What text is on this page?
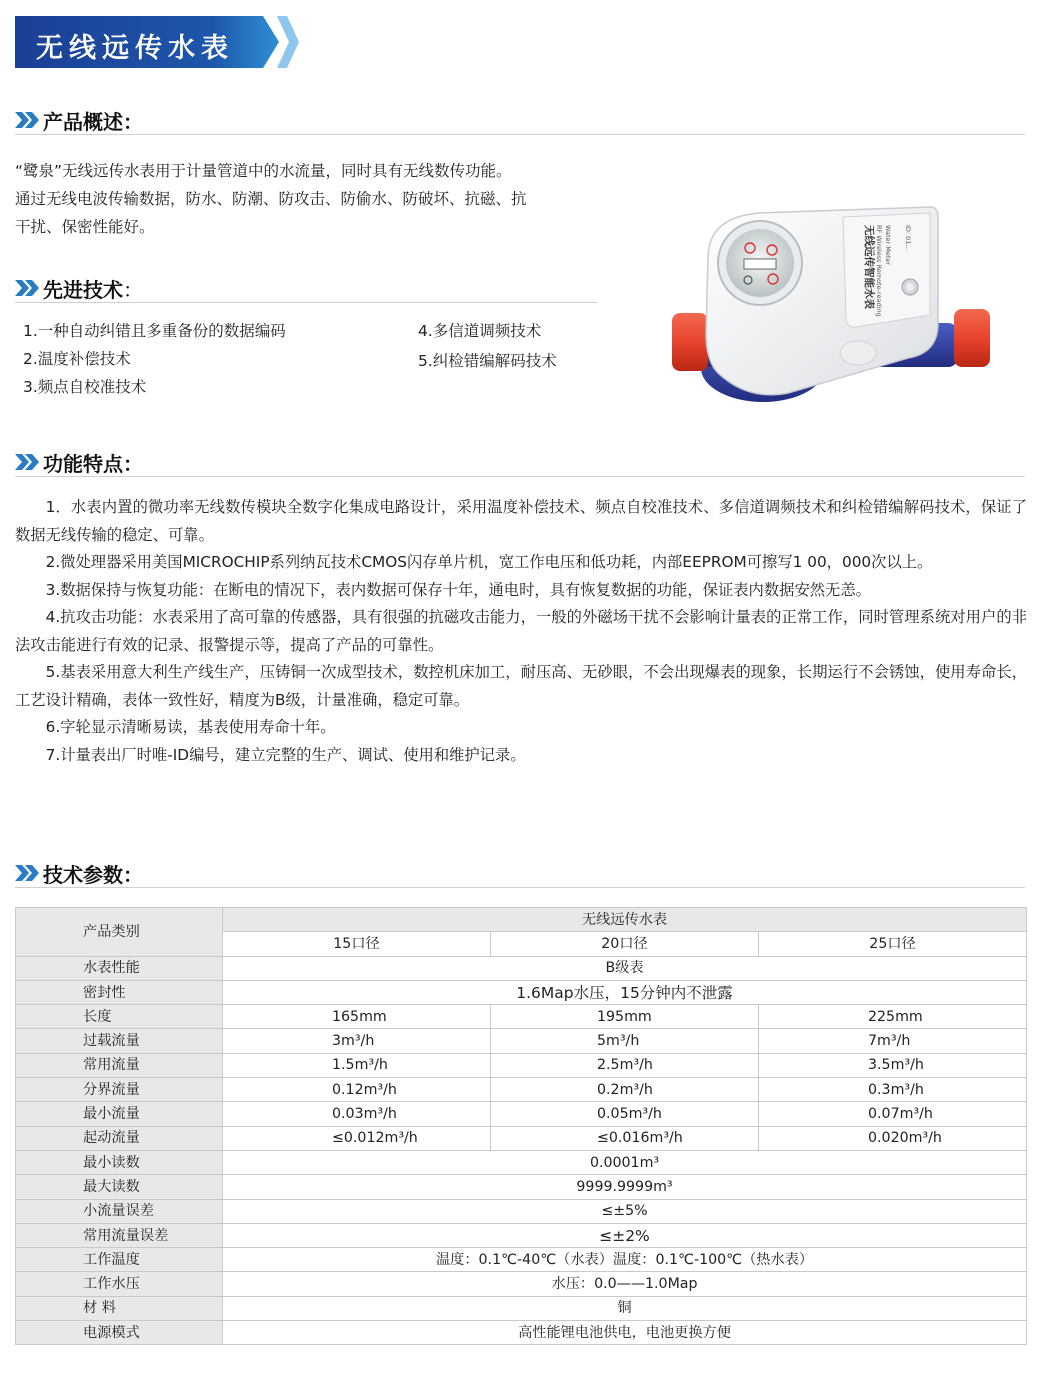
无线远传水表
产品概述：
“鹭泉”无线远传水表用于计量管道中的水流量，同时具有无线数传功能。
通过无线电波传输数据，防水、防潮、防攻击、防偷水、防破坏、抗磁、抗
干扰、保密性能好。
先进技术：
1.一种自动纠错且多重备份的数据编码
2.温度补偿技术
3.频点自校准技术
4.多信道调频技术
5.纠检错编解码技术
无线远传智能水表 RF Wireless Remote-reading Water Meter ID: 01...
功能特点：

1．水表内置的微功率无线数传模块全数字化集成电路设计，采用温度补偿技术、频点自校准技术、多信道调频技术和纠检错编解码技术，保证了数据无线传输的稳定、可靠。

2.微处理器采用美国MICROCHIP系列纳瓦技术CMOS闪存单片机，宽工作电压和低功耗，内部EEPROM可擦写1 00，000次以上。

3.数据保持与恢复功能：在断电的情况下，表内数据可保存十年，通电时，具有恢复数据的功能，保证表内数据安然无恙。

4.抗攻击功能：水表采用了高可靠的传感器，具有很强的抗磁攻击能力，一般的外磁场干扰不会影响计量表的正常工作，同时管理系统对用户的非法攻击能进行有效的记录、报警提示等，提高了产品的可靠性。

5.基表采用意大利生产线生产，压铸铜一次成型技术，数控机床加工，耐压高、无砂眼，不会出现爆表的现象，长期运行不会锈蚀，使用寿命长，工艺设计精确，表体一致性好，精度为B级，计量准确，稳定可靠。

6.字轮显示清晰易读，基表使用寿命十年。

7.计量表出厂时唯-ID编号，建立完整的生产、调试、使用和维护记录。

技术参数：
产品类别	无线远传水表		
	15口径	20口径	25口径
水表性能	B级表		
密封性	1.6Map水压，15分钟内不泄露		
长度	165mm	195mm	225mm
过载流量	3m³/h	5m³/h	7m³/h
常用流量	1.5m³/h	2.5m³/h	3.5m³/h
分界流量	0.12m³/h	0.2m³/h	0.3m³/h
最小流量	0.03m³/h	0.05m³/h	0.07m³/h
起动流量	≤0.012m³/h	≤0.016m³/h	0.020m³/h
最小读数	0.0001m³		
最大读数	9999.9999m³		
小流量误差	≤±5%		
常用流量误差	≤±2%		
工作温度	温度：0.1℃-40℃（水表）温度：0.1℃-100℃（热水表）		
工作水压	水压：0.0——1.0Map		
材 料	铜		
电源模式	高性能锂电池供电，电池更换方便		
